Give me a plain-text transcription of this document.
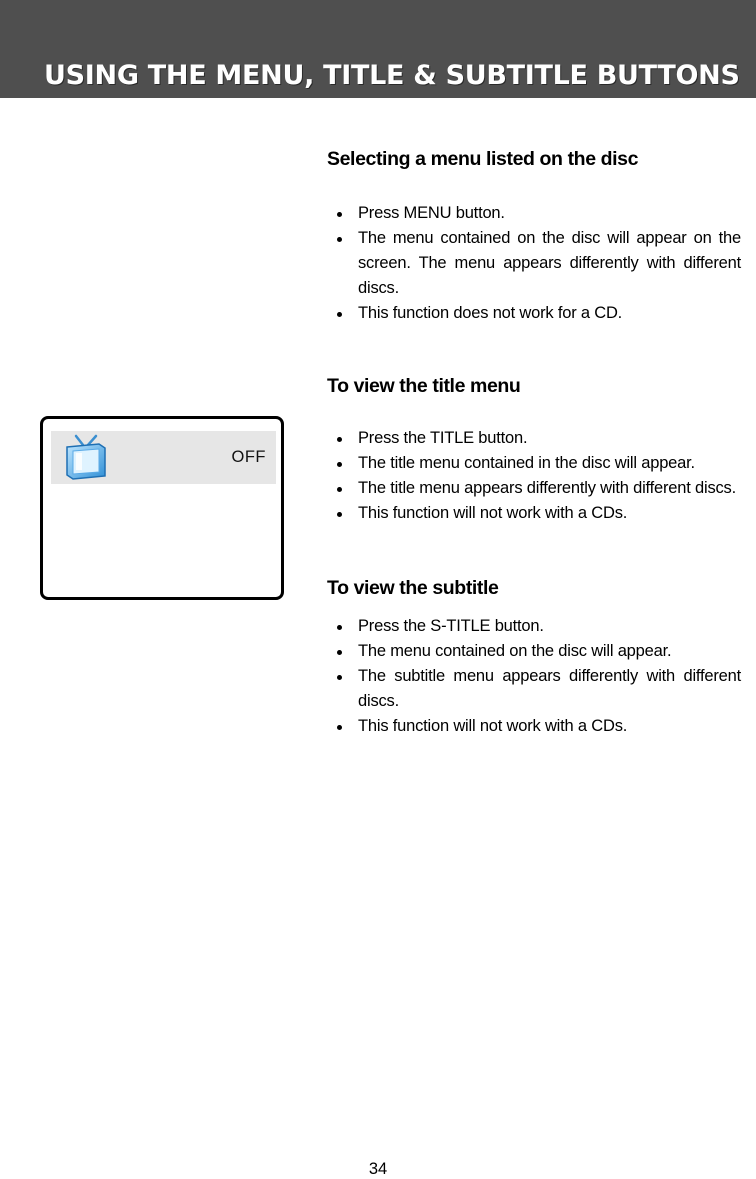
USING THE MENU, TITLE & SUBTITLE BUTTONS
Selecting a menu listed on the disc
Press MENU button.
The menu contained on the disc will appear on the screen. The menu appears differently with different discs.
This function does not work for a CD.
To view the title menu
Press the TITLE button.
The title menu contained in the disc will appear.
The title menu appears differently with different discs.
This function will not work with a CDs.
To view the subtitle
Press the S-TITLE button.
The menu contained on the disc will appear.
The subtitle menu appears differently with different discs.
This function will not work with a CDs.
OFF
34
